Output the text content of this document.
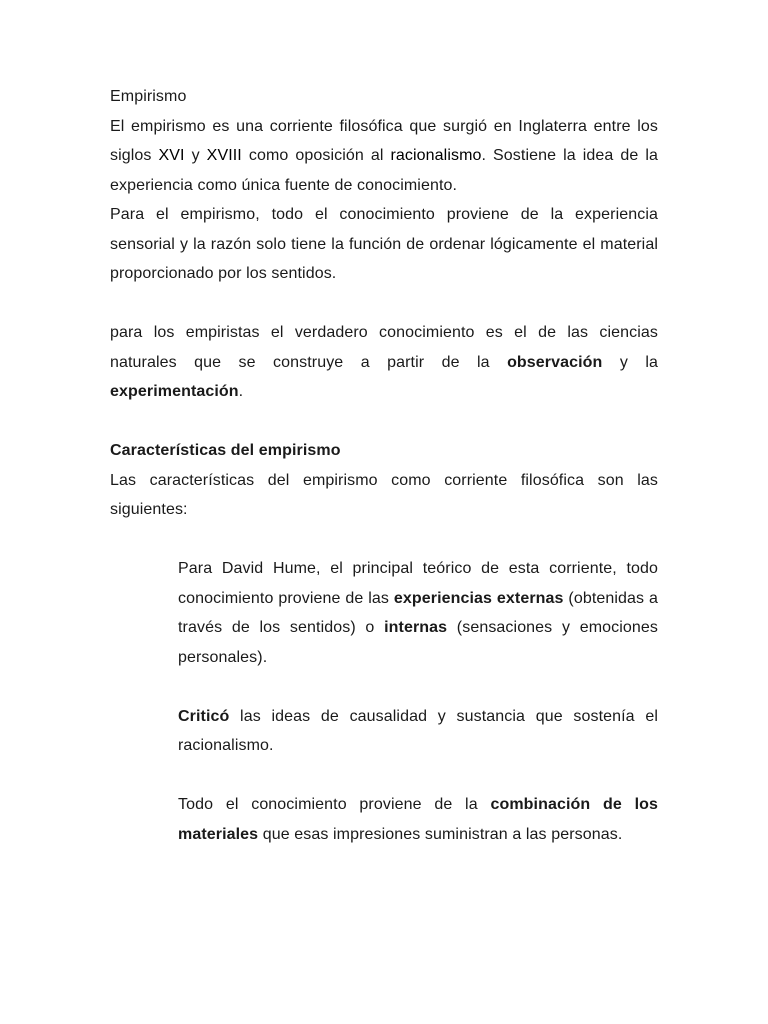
Empirismo

El empirismo es una corriente filosófica que surgió en Inglaterra entre los siglos XVI y XVIII como oposición al racionalismo. Sostiene la idea de la experiencia como única fuente de conocimiento.

Para el empirismo, todo el conocimiento proviene de la experiencia sensorial y la razón solo tiene la función de ordenar lógicamente el material proporcionado por los sentidos.

para los empiristas el verdadero conocimiento es el de las ciencias naturales que se construye a partir de la observación y la experimentación.

Características del empirismo

Las características del empirismo como corriente filosófica son las siguientes:

Para David Hume, el principal teórico de esta corriente, todo conocimiento proviene de las experiencias externas (obtenidas a través de los sentidos) o internas (sensaciones y emociones personales).

Criticó las ideas de causalidad y sustancia que sostenía el racionalismo.

Todo el conocimiento proviene de la combinación de los materiales que esas impresiones suministran a las personas.
